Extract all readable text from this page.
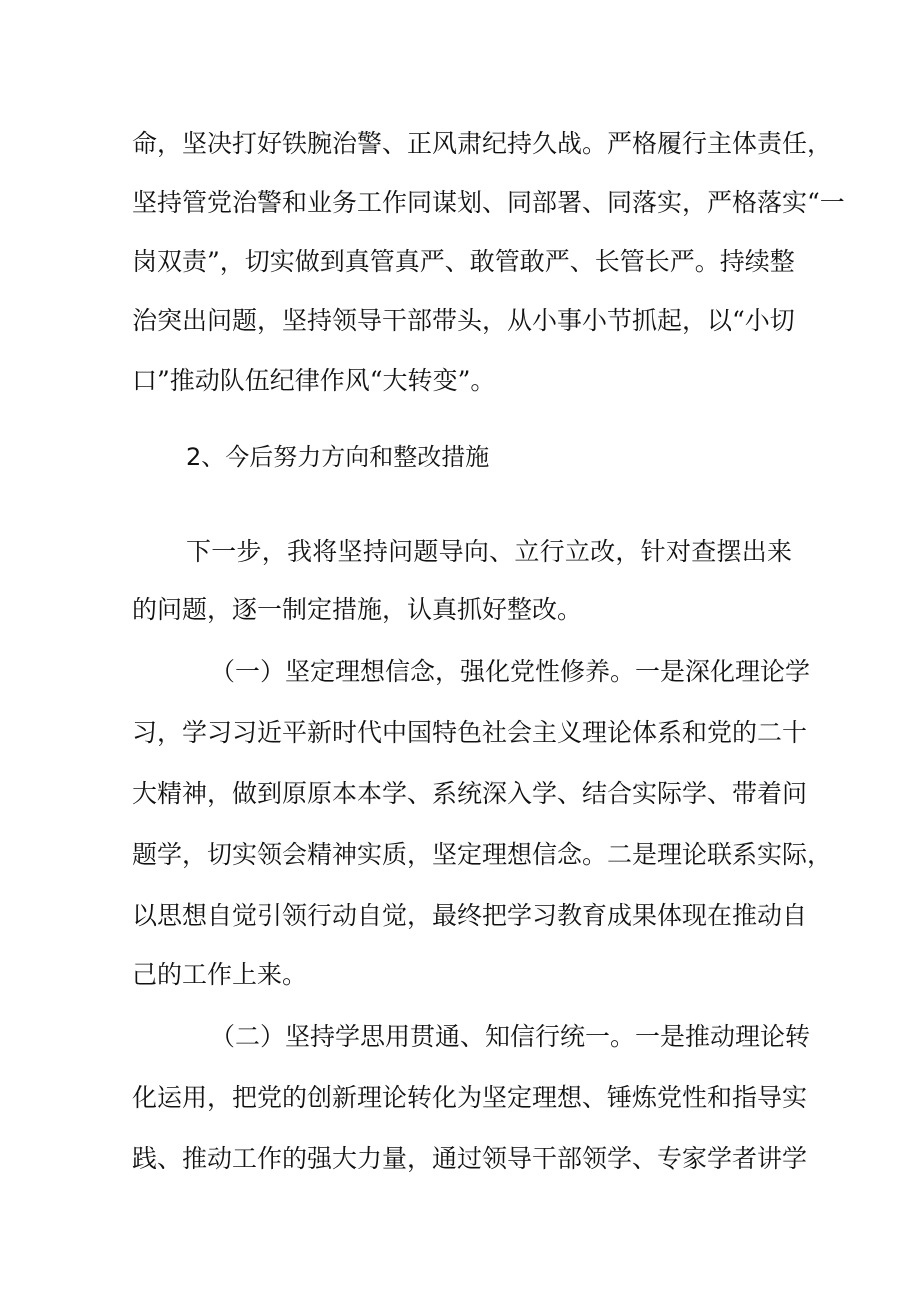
命，坚决打好铁腕治警、正风肃纪持久战。严格履行主体责任，
坚持管党治警和业务工作同谋划、同部署、同落实，严格落实“一
岗双责”，切实做到真管真严、敢管敢严、长管长严。持续整
治突出问题，坚持领导干部带头，从小事小节抓起，以“小切
口”推动队伍纪律作风“大转变”。
2、今后努力方向和整改措施
下一步，我将坚持问题导向、立行立改，针对查摆出来
的问题，逐一制定措施，认真抓好整改。
（一）坚定理想信念，强化党性修养。一是深化理论学
习，学习习近平新时代中国特色社会主义理论体系和党的二十
大精神，做到原原本本学、系统深入学、结合实际学、带着问
题学，切实领会精神实质，坚定理想信念。二是理论联系实际，
以思想自觉引领行动自觉，最终把学习教育成果体现在推动自
己的工作上来。
（二）坚持学思用贯通、知信行统一。一是推动理论转
化运用，把党的创新理论转化为坚定理想、锤炼党性和指导实
践、推动工作的强大力量，通过领导干部领学、专家学者讲学
